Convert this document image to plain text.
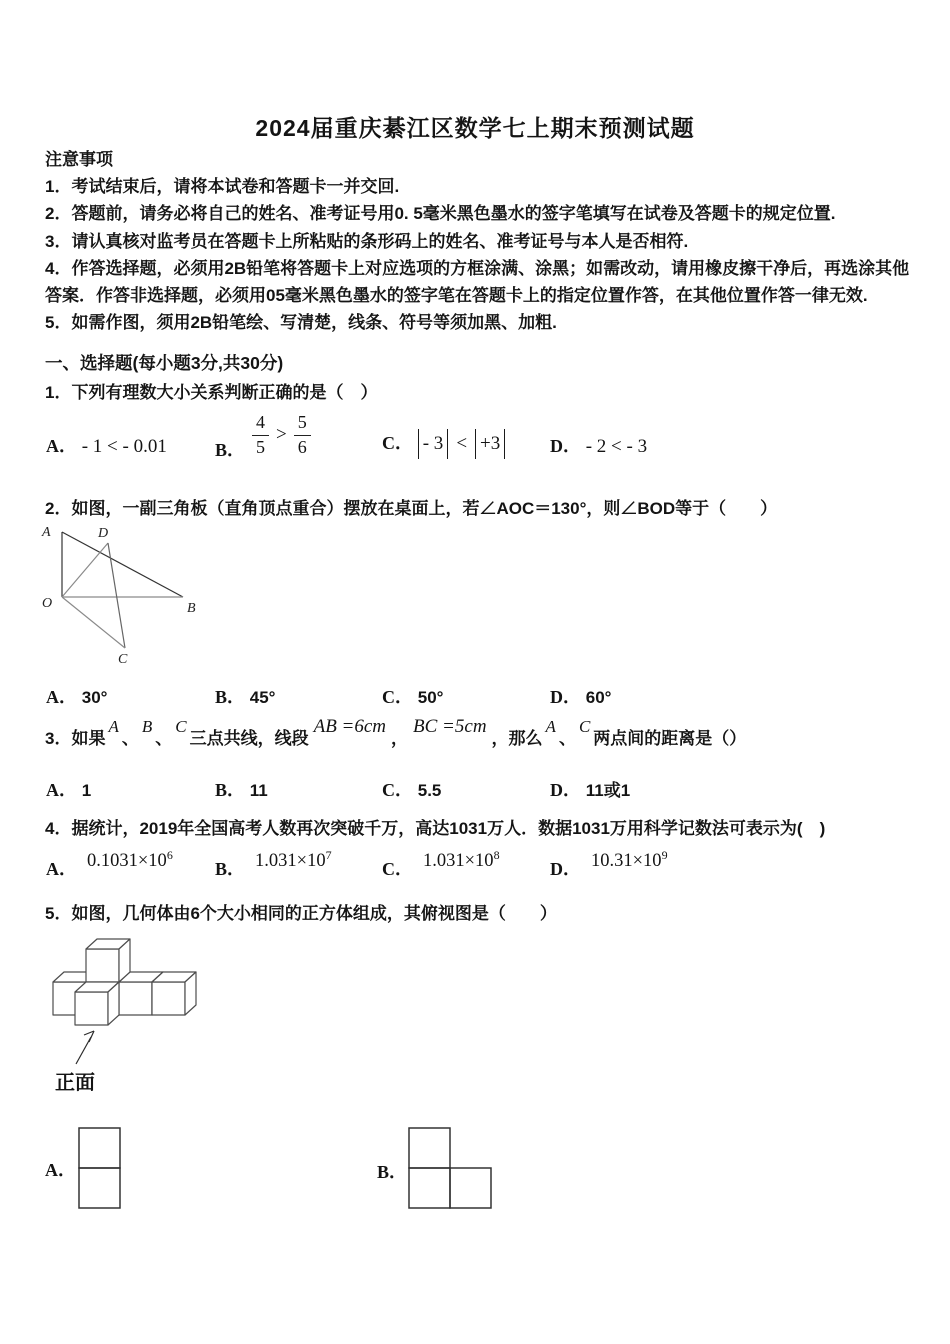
2024届重庆綦江区数学七上期末预测试题
注意事项
1．考试结束后，请将本试卷和答题卡一并交回.
2．答题前，请务必将自己的姓名、准考证号用0. 5毫米黑色墨水的签字笔填写在试卷及答题卡的规定位置.
3．请认真核对监考员在答题卡上所粘贴的条形码上的姓名、准考证号与本人是否相符.
4．作答选择题，必须用2B铅笔将答题卡上对应选项的方框涂满、涂黑；如需改动，请用橡皮擦干净后，再选涂其他答案．作答非选择题，必须用05毫米黑色墨水的签字笔在答题卡上的指定位置作答，在其他位置作答一律无效.
5．如需作图，须用2B铅笔绘、写清楚，线条、符号等须加黑、加粗.
一、选择题(每小题3分,共30分)
1．下列有理数大小关系判断正确的是（　）
A． - 1 < - 0.01	B． $\frac{4}{5} > \frac{5}{6}$	C． - 3 < +3	D． - 2 < - 3
2．如图，一副三角板（直角顶点重合）摆放在桌面上，若∠AOC＝130°，则∠BOD等于（　　）
A	D
O	B
C
A． 30°	B． 45°	C． 50°	D． 60°
3．如果A、B、C三点共线，线段AB =6cm，BC =5cm，那么A、C两点间的距离是（）
A． 1	B． 11	C． 5.5	D． 11或1
4．据统计，2019年全国高考人数再次突破千万，高达1031万人．数据1031万用科学记数法可表示为(　)
A． $0.1031\times 10^6$
B． $1.031\times 10^7$
C． $1.031\times 10^8$
D． $10.31\times 10^9$
5．如图，几何体由6个大小相同的正方体组成，其俯视图是（　　）
正面
A．	B．
